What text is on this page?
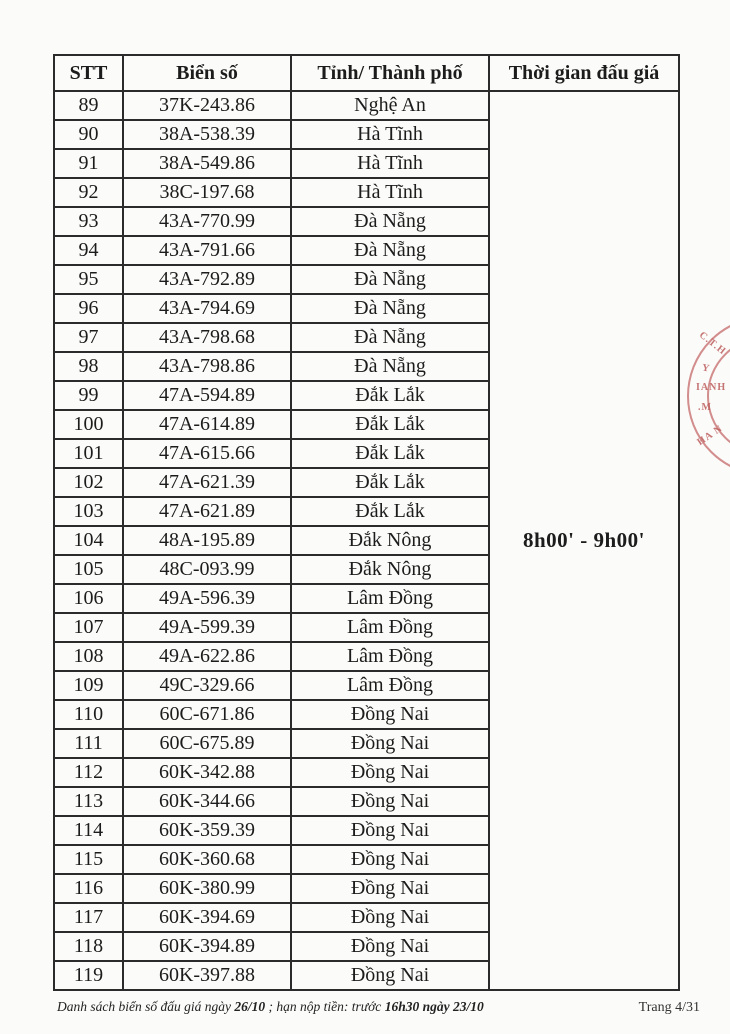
STT	Biển số	Tỉnh/ Thành phố	Thời gian đấu giá
89	37K-243.86	Nghệ An	8h00' - 9h00'
90	38A-538.39	Hà Tĩnh	
91	38A-549.86	Hà Tĩnh	
92	38C-197.68	Hà Tĩnh	
93	43A-770.99	Đà Nẵng	
94	43A-791.66	Đà Nẵng	
95	43A-792.89	Đà Nẵng	
96	43A-794.69	Đà Nẵng	
97	43A-798.68	Đà Nẵng	
98	43A-798.86	Đà Nẵng	
99	47A-594.89	Đắk Lắk	
100	47A-614.89	Đắk Lắk	
101	47A-615.66	Đắk Lắk	
102	47A-621.39	Đắk Lắk	
103	47A-621.89	Đắk Lắk	
104	48A-195.89	Đắk Nông	
105	48C-093.99	Đắk Nông	
106	49A-596.39	Lâm Đồng	
107	49A-599.39	Lâm Đồng	
108	49A-622.86	Lâm Đồng	
109	49C-329.66	Lâm Đồng	
110	60C-671.86	Đồng Nai	
111	60C-675.89	Đồng Nai	
112	60K-342.88	Đồng Nai	
113	60K-344.66	Đồng Nai	
114	60K-359.39	Đồng Nai	
115	60K-360.68	Đồng Nai	
116	60K-380.99	Đồng Nai	
117	60K-394.69	Đồng Nai	
118	60K-394.89	Đồng Nai	
119	60K-397.88	Đồng Nai	
C.T.H
Y
IANH
.M
HA N
Danh sách biển số đấu giá ngày 26/10 ; hạn nộp tiền: trước 16h30 ngày 23/10	Trang 4/31
